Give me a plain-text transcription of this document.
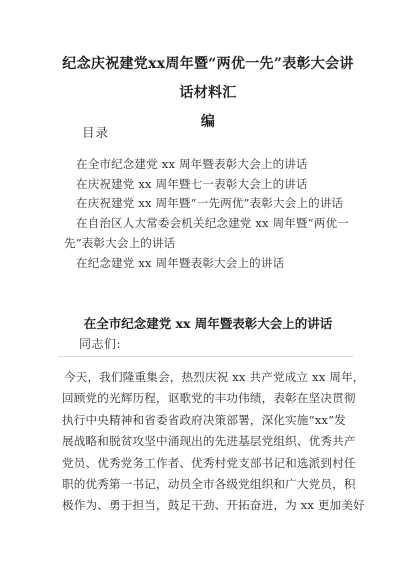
纪念庆祝建党xx周年暨“两优一先”表彰大会讲话材料汇
编
目录
在全市纪念建党 xx 周年暨表彰大会上的讲话
在庆祝建党 xx 周年暨七一表彰大会上的讲话
在庆祝建党 xx 周年暨“一先两优”表彰大会上的讲话
在自治区人大常委会机关纪念建党 xx 周年暨“两优一
先”表彰大会上的讲话
在纪念建党 xx 周年暨表彰大会上的讲话
在全市纪念建党 xx 周年暨表彰大会上的讲话
同志们:
今天，我们隆重集会，热烈庆祝 xx 共产党成立 xx 周年，
回顾党的光辉历程，讴歌党的丰功伟绩，表彰在坚决贯彻
执行中央精神和省委省政府决策部署，深化实施“xx”发
展战略和脱贫攻坚中涌现出的先进基层党组织、优秀共产
党员、优秀党务工作者、优秀村党支部书记和选派到村任
职的优秀第一书记，动员全市各级党组织和广大党员，积
极作为、勇于担当，鼓足干劲、开拓奋进，为 xx 更加美好
